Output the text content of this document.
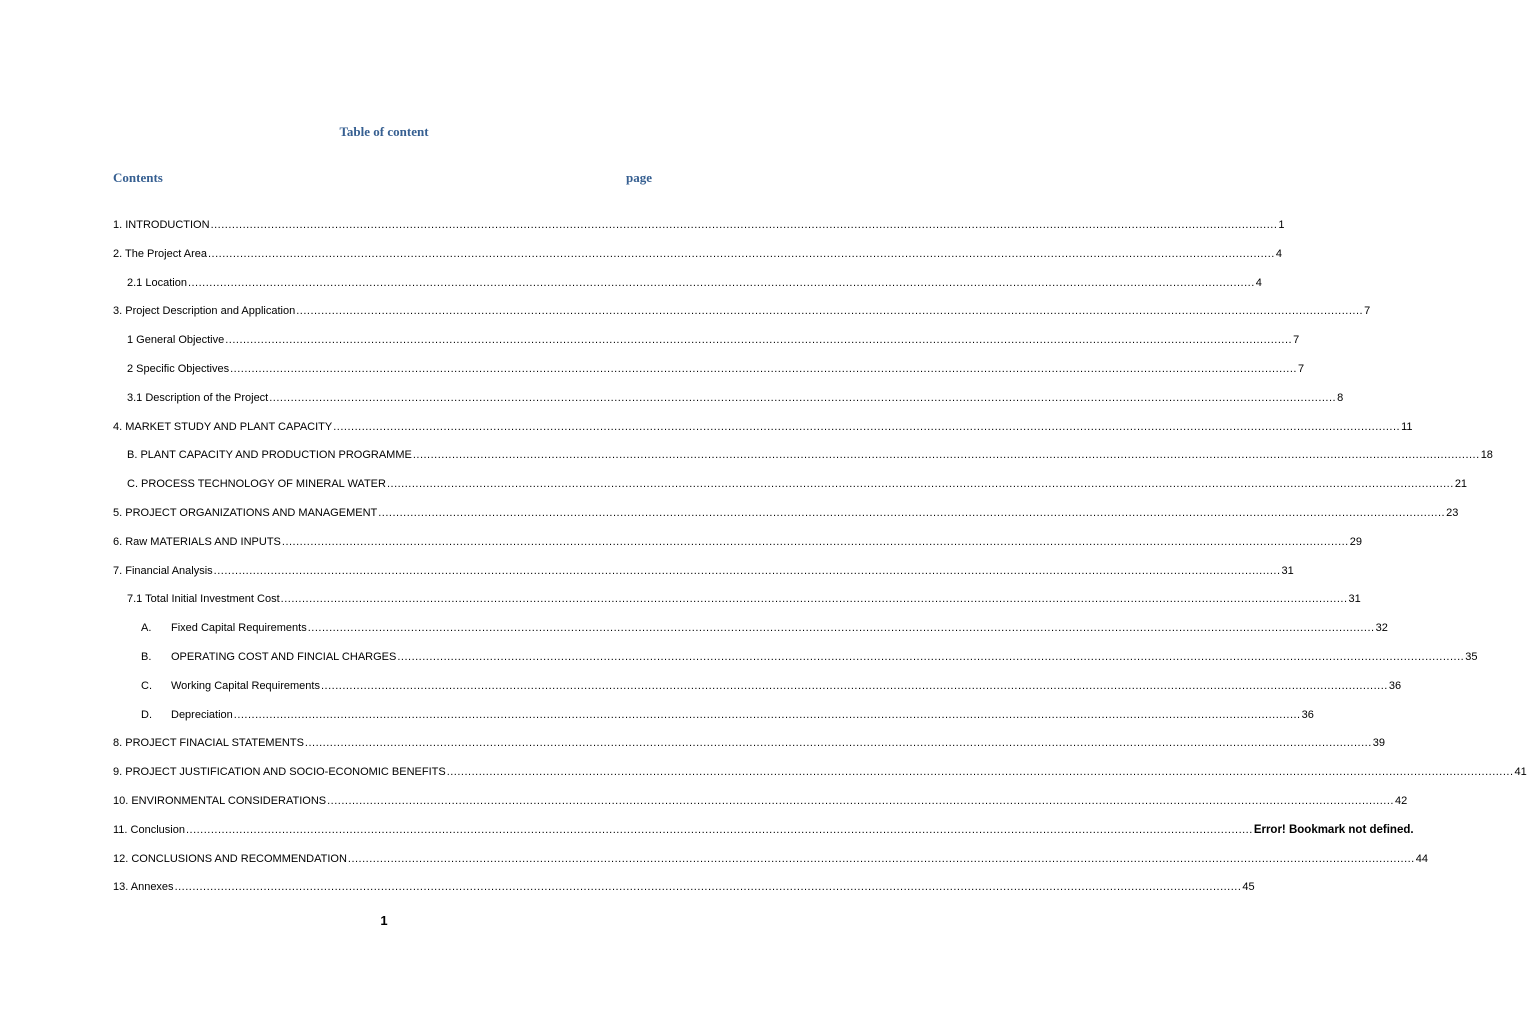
Table of content
Contents	page
1. INTRODUCTION ............................................................................................................................................................................................................................................................................................................ 1
2. The Project Area ............................................................................................................................................................................................................................................................................................................ 4
2.1 Location ............................................................................................................................................................................................................................................................................................................ 4
3. Project Description and Application ............................................................................................................................................................................................................................................................................................................ 7
1 General Objective ............................................................................................................................................................................................................................................................................................................ 7
2 Specific Objectives ............................................................................................................................................................................................................................................................................................................ 7
3.1 Description of the Project ............................................................................................................................................................................................................................................................................................................ 8
4. MARKET STUDY AND PLANT CAPACITY ............................................................................................................................................................................................................................................................................................................ 11
B. PLANT CAPACITY AND PRODUCTION PROGRAMME ............................................................................................................................................................................................................................................................................................................ 18
C. PROCESS TECHNOLOGY OF MINERAL WATER ............................................................................................................................................................................................................................................................................................................ 21
5. PROJECT ORGANIZATIONS AND MANAGEMENT ............................................................................................................................................................................................................................................................................................................ 23
6. Raw MATERIALS AND INPUTS ............................................................................................................................................................................................................................................................................................................ 29
7. Financial Analysis ............................................................................................................................................................................................................................................................................................................ 31
7.1 Total Initial Investment Cost ............................................................................................................................................................................................................................................................................................................ 31
A.	Fixed Capital Requirements ............................................................................................................................................................................................................................................................................................................ 32
B.	OPERATING COST AND FINCIAL CHARGES ............................................................................................................................................................................................................................................................................................................ 35
C.	Working Capital Requirements ............................................................................................................................................................................................................................................................................................................ 36
D.	Depreciation ............................................................................................................................................................................................................................................................................................................ 36
8. PROJECT FINACIAL STATEMENTS ............................................................................................................................................................................................................................................................................................................ 39
9. PROJECT JUSTIFICATION AND SOCIO-ECONOMIC BENEFITS ............................................................................................................................................................................................................................................................................................................ 41
10. ENVIRONMENTAL CONSIDERATIONS ............................................................................................................................................................................................................................................................................................................ 42
11. Conclusion ............................................................................................................................................................................................................................................................................................................ Error! Bookmark not defined.
12. CONCLUSIONS AND RECOMMENDATION ............................................................................................................................................................................................................................................................................................................ 44
13. Annexes ............................................................................................................................................................................................................................................................................................................ 45
1
